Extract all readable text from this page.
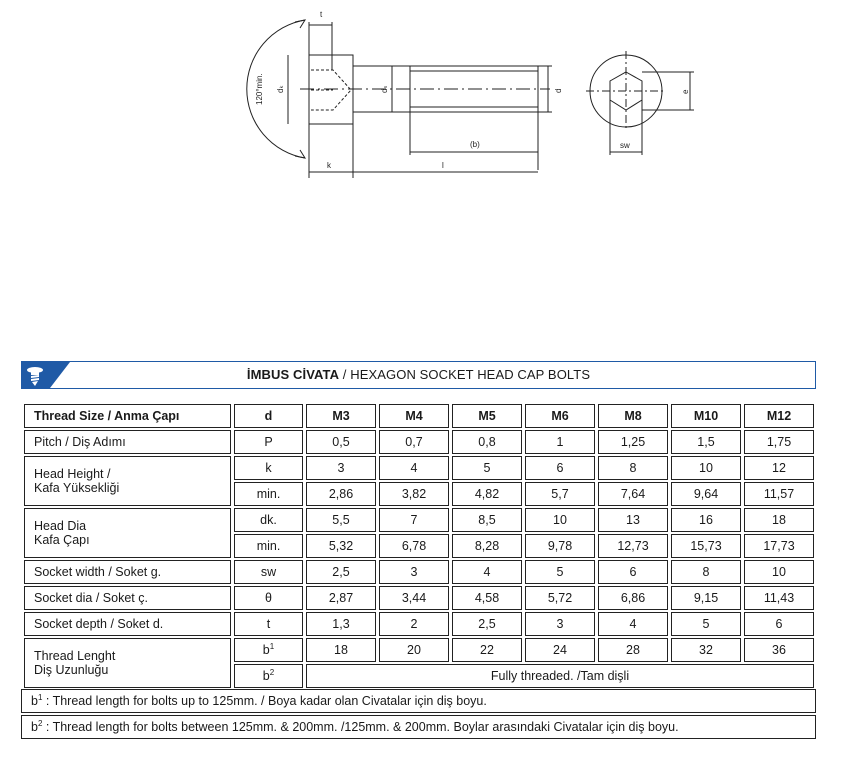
t
120°min. dₖ	dₛ	d
(b)
l
k
e
sw
İMBUS CİVATA / HEXAGON SOCKET HEAD CAP BOLTS
Thread Size / Anma Çapı	d	M3	M4	M5	M6	M8	M10	M12
Pitch / Diş Adımı	P	0,5	0,7	0,8	1	1,25	1,5	1,75

Head Height /
Kafa Yüksekliği	k	3	4	5	6	8	10	12
	min.	2,86	3,82	4,82	5,7	7,64	9,64	11,57

Head Dia
Kafa Çapı	dk.	5,5	7	8,5	10	13	16	18
	min.	5,32	6,78	8,28	9,78	12,73	15,73	17,73
Socket width / Soket g.	sw	2,5	3	4	5	6	8	10
Socket dia / Soket ç.	θ	2,87	3,44	4,58	5,72	6,86	9,15	11,43
Socket depth / Soket d.	t	1,3	2	2,5	3	4	5	6

Thread Lenght
Diş Uzunluğu	$b^1$	18	20	22	24	28	32	36
	$b^2$	Fully threaded. /Tam dişli						
$b^1$ : Thread length for bolts up to 125mm. / Boya kadar olan Civatalar için diş boyu.
$b^2$ : Thread length for bolts between 125mm. & 200mm. /125mm. & 200mm. Boylar arasındaki Civatalar için diş boyu.
